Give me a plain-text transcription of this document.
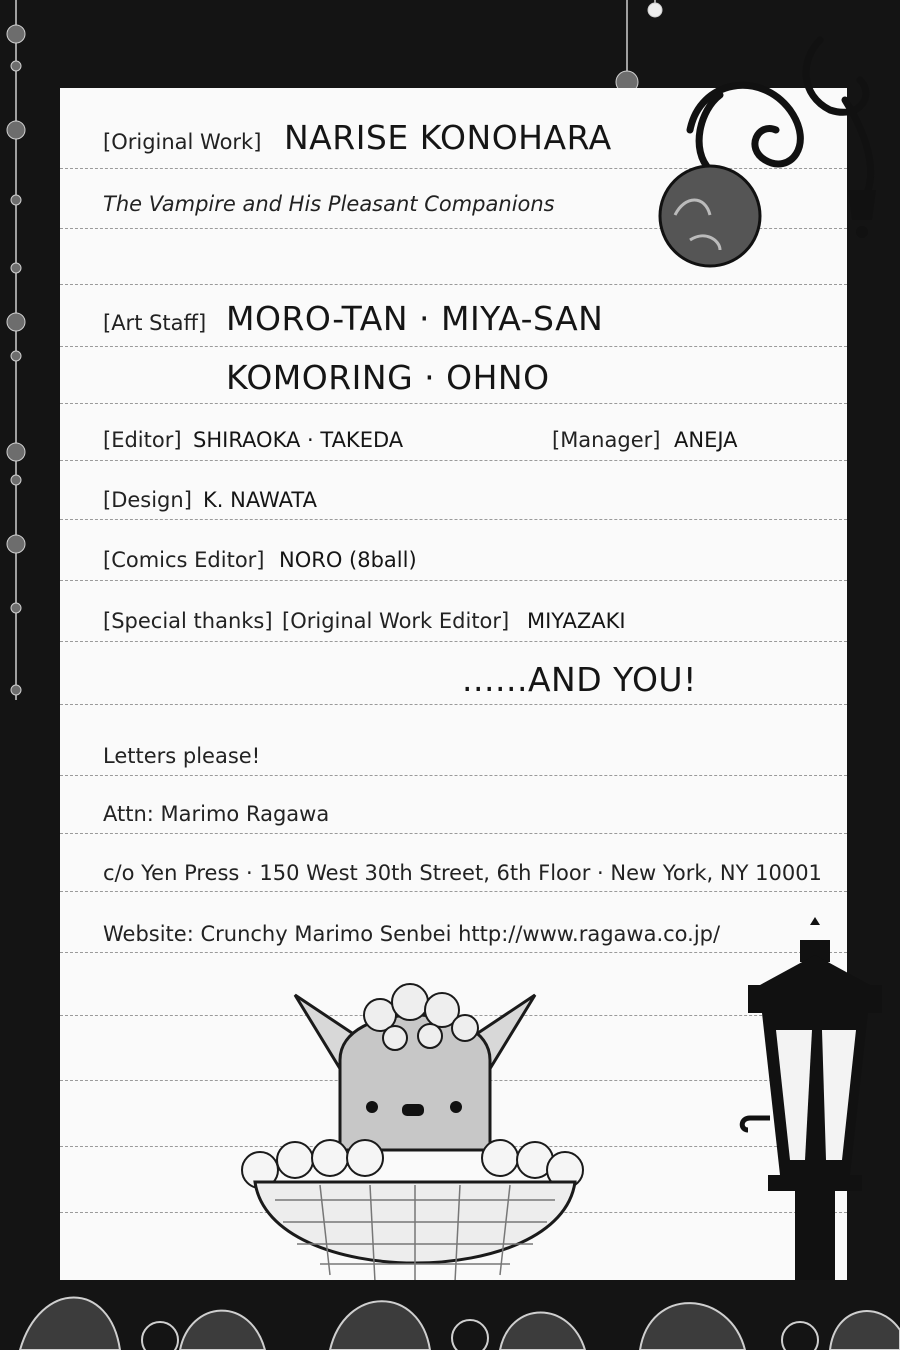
[Original Work] NARISE KONOHARA
The Vampire and His Pleasant Companions
[Art Staff] MORO-TAN · MIYA-SAN
KOMORING · OHNO
[Editor] SHIRAOKA · TAKEDA	[Manager] ANEJA
[Design] K. NAWATA
[Comics Editor] NORO (8ball)
[Special thanks] [Original Work Editor] MIYAZAKI
......AND YOU!
Letters please!
Attn: Marimo Ragawa
c/o Yen Press · 150 West 30th Street, 6th Floor · New York, NY 10001
Website: Crunchy Marimo Senbei http://www.ragawa.co.jp/
